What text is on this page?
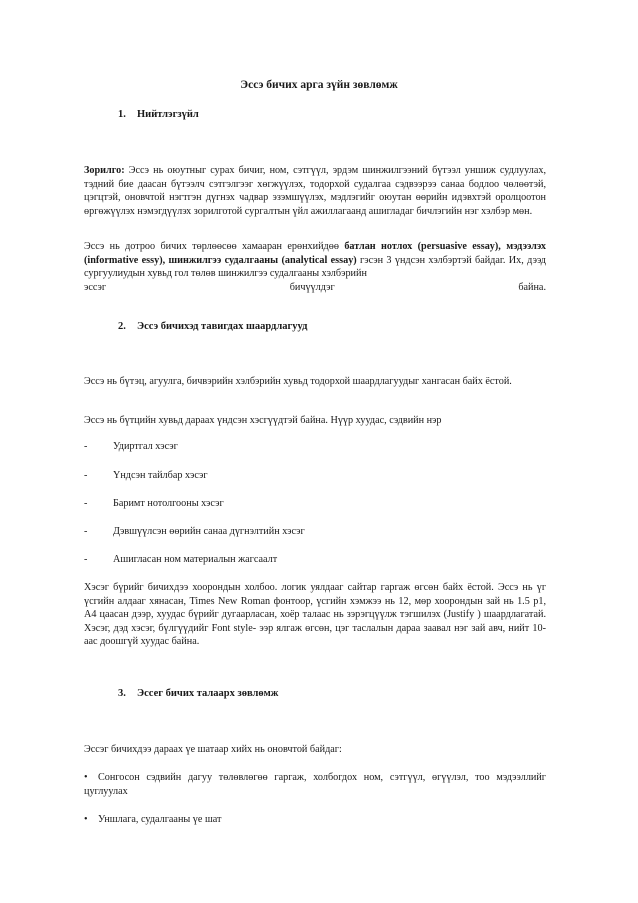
Эссэ бичих арга зүйн зөвлөмж
1. Нийтлэгзүйл
Зорилго: Эссэ нь оюутныг сурах бичиг, ном, сэтгүүл, эрдэм шинжилгээний бүтээл уншиж судлуулах, тэдний бие даасан бүтээлч сэтгэлгээг хөгжүүлэх, тодорхой судалгаа сэдвээрээ санаа бодлоо чөлөөтэй, цэгцтэй, оновчтой нэгтгэн дүгнэх чадвар эзэмшүүлэх, мэдлэгийг оюутан өөрийн идэвхтэй оролцоотон өргөжүүлэх нэмэгдүүлэх зорилготой сургалтын үйл ажиллагаанд ашигладаг бичлэгийн нэг хэлбэр мөн.
Эссэ нь дотроо бичих төрлөөсөө хамааран ерөнхийдөө батлан нотлох (persuasive essay), мэдээлэх (informative essy), шинжилгээ судалгааны (analytical essay) гэсэн 3 үндсэн хэлбэртэй байдаг. Их, дээд сургуулиудын хувьд гол төлөв шинжилгээ судалгааны хэлбэрийн
эссэг бичүүлдэг байна.
2. Эссэ бичихэд тавигдах шаардлагууд
Эссэ нь бүтэц, агуулга, бичвэрийн хэлбэрийн хувьд тодорхой шаардлагуудыг хангасан байх ёстой.
Эссэ нь бүтцийн хувьд дараах үндсэн хэсгүүдтэй байна. Нүүр хуудас, сэдвийн нэр
-	Удиртгал хэсэг
-	Үндсэн тайлбар хэсэг
-	Баримт нотолгооны хэсэг
-	Дэвшүүлсэн өөрийн санаа дүгнэлтийн хэсэг
-	Ашигласан ном материалын жагсаалт
Хэсэг бүрийг бичихдээ хоорондын холбоо. логик уялдааг сайтар гаргаж өгсөн байх ёстой. Эссэ нь үг үсгийн алдааг хянасан, Times New Roman фонтоор, үсгийн хэмжээ нь 12, мөр хоорондын зай нь 1.5 p1, A4 цаасан дээр, хуудас бүрийг дугаарласан, хоёр талаас нь зэрэгцүүлж тэгшилэх (Justify ) шаардлагатай. Хэсэг, дэд хэсэг, бүлгүүдийг Font style- ээр ялгаж өгсөн, цэг таслалын дараа заавал нэг зай авч, нийт 10-аас доошгүй хуудас байна.
3. Эссег бичих талаарх зөвлөмж
Эссэг бичихдээ дараах үе шатаар хийх нь оновчтой байдаг:
• Сонгосон сэдвийн дагуу төлөвлөгөө гаргаж, холбогдох ном, сэтгүүл, өгүүлэл, тоо мэдээллийг цуглуулах
• Уншлага, судалгааны үе шат
